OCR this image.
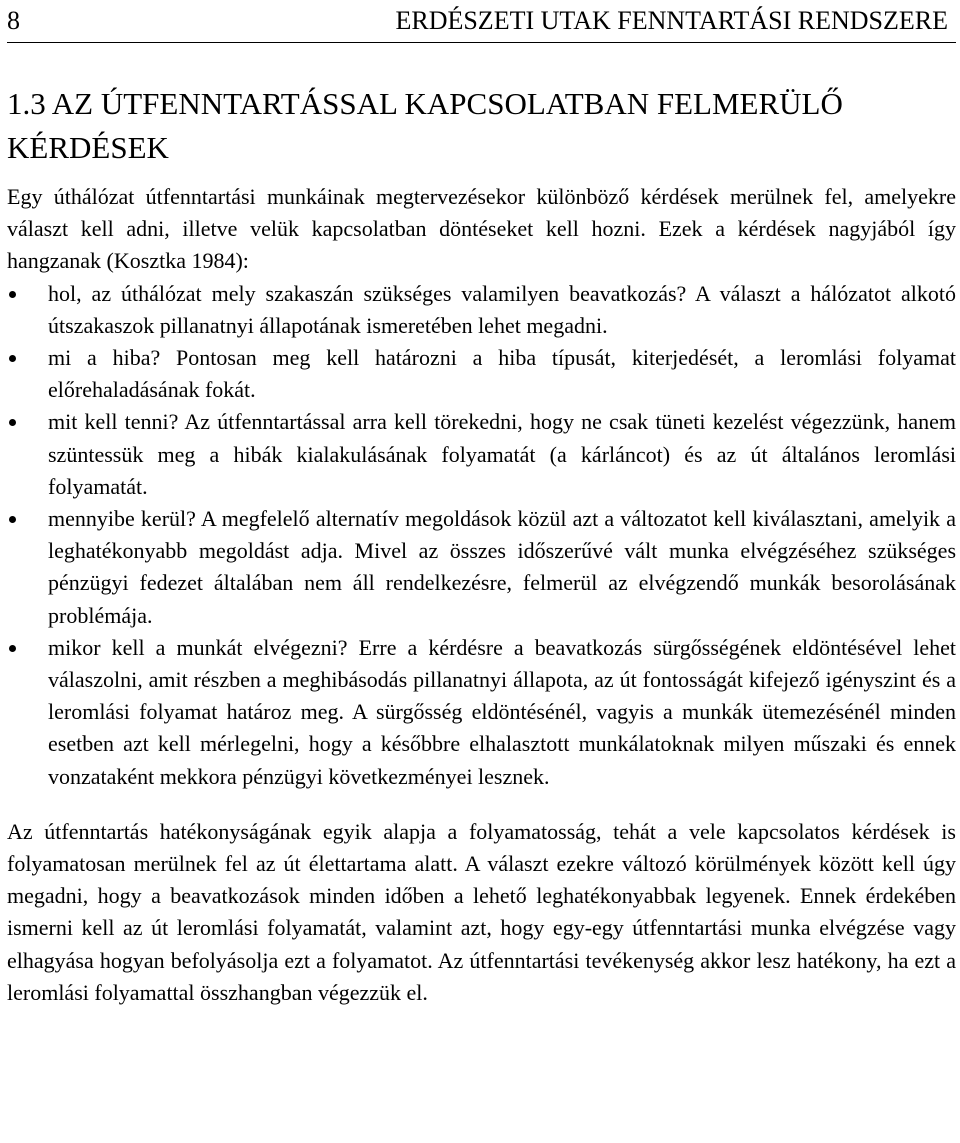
8	ERDÉSZETI UTAK FENNTARTÁSI RENDSZERE
1.3 AZ ÚTFENNTARTÁSSAL KAPCSOLATBAN FELMERÜLŐ KÉRDÉSEK

Egy úthálózat útfenntartási munkáinak megtervezésekor különböző kérdések merülnek fel, amelyekre választ kell adni, illetve velük kapcsolatban döntéseket kell hozni. Ezek a kérdések nagyjából így hangzanak (Kosztka 1984):

hol, az úthálózat mely szakaszán szükséges valamilyen beavatkozás? A választ a hálózatot alkotó útszakaszok pillanatnyi állapotának ismeretében lehet megadni.
mi a hiba? Pontosan meg kell határozni a hiba típusát, kiterjedését, a leromlási folyamat előrehaladásának fokát.
mit kell tenni? Az útfenntartással arra kell törekedni, hogy ne csak tüneti kezelést végezzünk, hanem szüntessük meg a hibák kialakulásának folyamatát (a kárláncot) és az út általános leromlási folyamatát.
mennyibe kerül? A megfelelő alternatív megoldások közül azt a változatot kell kiválasztani, amelyik a leghatékonyabb megoldást adja. Mivel az összes időszerűvé vált munka elvégzéséhez szükséges pénzügyi fedezet általában nem áll rendelkezésre, felmerül az elvégzendő munkák besorolásának problémája.
mikor kell a munkát elvégezni? Erre a kérdésre a beavatkozás sürgősségének eldöntésével lehet válaszolni, amit részben a meghibásodás pillanatnyi állapota, az út fontosságát kifejező igényszint és a leromlási folyamat határoz meg. A sürgősség eldöntésénél, vagyis a munkák ütemezésénél minden esetben azt kell mérlegelni, hogy a későbbre elhalasztott munkálatoknak milyen műszaki és ennek vonzataként mekkora pénzügyi következményei lesznek.

Az útfenntartás hatékonyságának egyik alapja a folyamatosság, tehát a vele kapcsolatos kérdések is folyamatosan merülnek fel az út élettartama alatt. A választ ezekre változó körülmények között kell úgy megadni, hogy a beavatkozások minden időben a lehető leghatékonyabbak legyenek. Ennek érdekében ismerni kell az út leromlási folyamatát, valamint azt, hogy egy-egy útfenntartási munka elvégzése vagy elhagyása hogyan befolyásolja ezt a folyamatot. Az útfenntartási tevékenység akkor lesz hatékony, ha ezt a leromlási folyamattal összhangban végezzük el.
